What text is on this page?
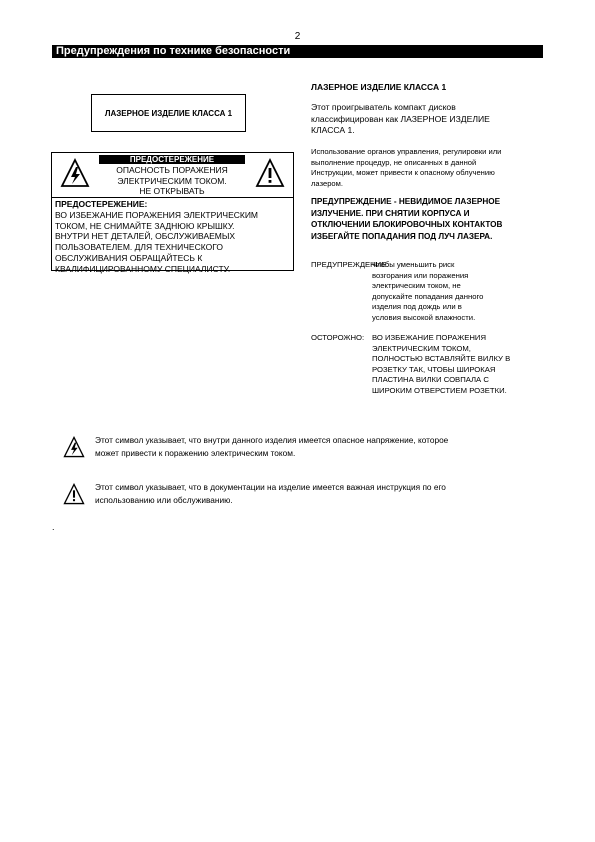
2
Предупреждения по технике безопасности
ЛАЗЕРНОЕ ИЗДЕЛИЕ КЛАССА 1
ПРЕДОСТЕРЕЖЕНИЕ
ОПАСНОСТЬ ПОРАЖЕНИЯ
ЭЛЕКТРИЧЕСКИМ ТОКОМ.
НЕ ОТКРЫВАТЬ
ПРЕДОСТЕРЕЖЕНИЕ:
ВО ИЗБЕЖАНИЕ ПОРАЖЕНИЯ ЭЛЕКТРИЧЕСКИМ
ТОКОМ, НЕ СНИМАЙТЕ ЗАДНЮЮ КРЫШКУ.
ВНУТРИ НЕТ ДЕТАЛЕЙ, ОБСЛУЖИВАЕМЫХ
ПОЛЬЗОВАТЕЛЕМ. ДЛЯ ТЕХНИЧЕСКОГО
ОБСЛУЖИВАНИЯ ОБРАЩАЙТЕСЬ К
КВАЛИФИЦИРОВАННОМУ СПЕЦИАЛИСТУ.
ЛАЗЕРНОЕ ИЗДЕЛИЕ КЛАССА 1
Этот проигрыватель компакт дисков
классифицирован как ЛАЗЕРНОЕ ИЗДЕЛИЕ
КЛАССА 1.
Использование органов управления, регулировки или
выполнение процедур, не описанных в данной
Инструкции, может привести к опасному облучению
лазером.
ПРЕДУПРЕЖДЕНИЕ - НЕВИДИМОЕ ЛАЗЕРНОЕ
ИЗЛУЧЕНИЕ. ПРИ СНЯТИИ КОРПУСА И
ОТКЛЮЧЕНИИ БЛОКИРОВОЧНЫХ КОНТАКТОВ
ИЗБЕГАЙТЕ ПОПАДАНИЯ ПОД ЛУЧ ЛАЗЕРА.
ПРЕДУПРЕЖДЕНИЕ:
Чтобы уменьшить риск
возгорания или поражения
электрическим током, не
допускайте попадания данного
изделия под дождь или в
условия высокой влажности.
ОСТОРОЖНО: ВО ИЗБЕЖАНИЕ ПОРАЖЕНИЯ
ЭЛЕКТРИЧЕСКИМ ТОКОМ,
ПОЛНОСТЬЮ ВСТАВЛЯЙТЕ ВИЛКУ В
РОЗЕТКУ ТАК, ЧТОБЫ ШИРОКАЯ
ПЛАСТИНА ВИЛКИ СОВПАЛА С
ШИРОКИМ ОТВЕРСТИЕМ РОЗЕТКИ.
Этот символ указывает, что внутри данного изделия имеется опасное напряжение, которое
может привести к поражению электрическим током.
Этот символ указывает, что в документации на изделие имеется важная инструкция по его
использованию или обслуживанию.
.
